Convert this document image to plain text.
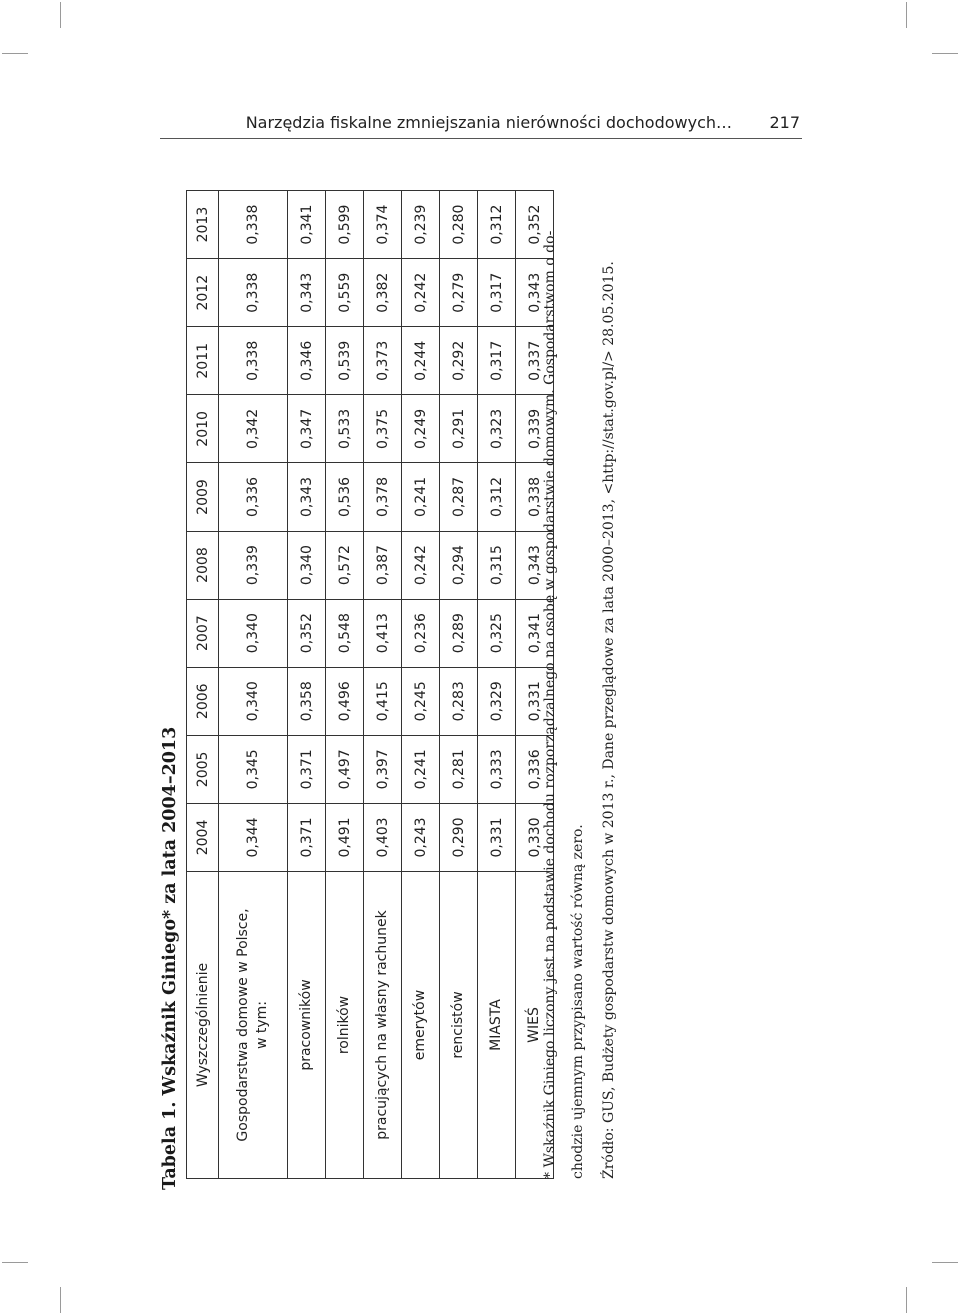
Narzędzia fiskalne zmniejszania nierówności dochodowych… 217
Tabela 1. Wskaźnik Giniego* za lata 2004–2013 Wyszczególnienie	2004	2005	2006	2007	2008	2009	2010	2011	2012	2013

Gospodarstwa domowe w Polsce, w tym:	0,344	0,345	0,340	0,340	0,339	0,336	0,342	0,338	0,338	0,338

pracowników	0,371	0,371	0,358	0,352	0,340	0,343	0,347	0,346	0,343	0,341

rolników	0,491	0,497	0,496	0,548	0,572	0,536	0,533	0,539	0,559	0,599

pracujących na własny rachunek	0,403	0,397	0,415	0,413	0,387	0,378	0,375	0,373	0,382	0,374

emerytów	0,243	0,241	0,245	0,236	0,242	0,241	0,249	0,244	0,242	0,239

rencistów	0,290	0,281	0,283	0,289	0,294	0,287	0,291	0,292	0,279	0,280

MIASTA	0,331	0,333	0,329	0,325	0,315	0,312	0,323	0,317	0,317	0,312

WIEŚ	0,330	0,336	0,331	0,341	0,343	0,338	0,339	0,337	0,343	0,352
* Wskaźnik Giniego liczony jest na podstawie dochodu rozporządzalnego na osobę w gospodarstwie domowym. Gospodarstwom o do- chodzie ujemnym przypisano wartość równą zero.	Źródło: GUS, Budżety gospodarstw domowych w 2013 r., Dane przeglądowe za lata 2000–2013, <http://stat.gov.pl/> 28.05.2015.
